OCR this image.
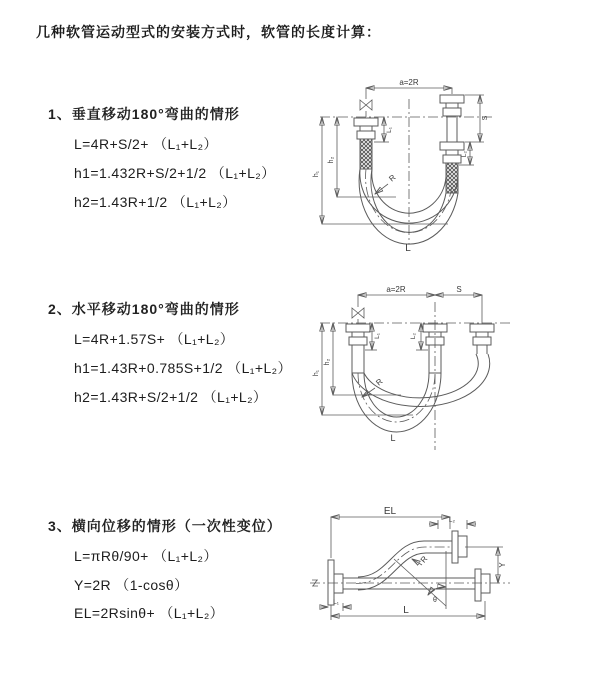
几种软管运动型式的安装方式时，软管的长度计算：
1、垂直移动180°弯曲的情形
L=4R+S/2+ （L₁+L₂）
h1=1.432R+S/2+1/2 （L₁+L₂）
h2=1.43R+1/2 （L₁+L₂）
2、水平移动180°弯曲的情形
L=4R+1.57S+ （L₁+L₂）
h1=1.43R+0.785S+1/2 （L₁+L₂）
h2=1.43R+S/2+1/2 （L₁+L₂）
3、横向位移的情形（一次性变位）
L=πRθ/90+ （L₁+L₂）
Y=2R （1-cosθ）
EL=2Rsinθ+ （L₁+L₂）
a=2R
h₁
h₂
L₁
S
L₂
R
L
a=2R	S
L₁	L₂
h₁
h₂
R
L
EL
L₂
Y
θ
R
L₁
L
